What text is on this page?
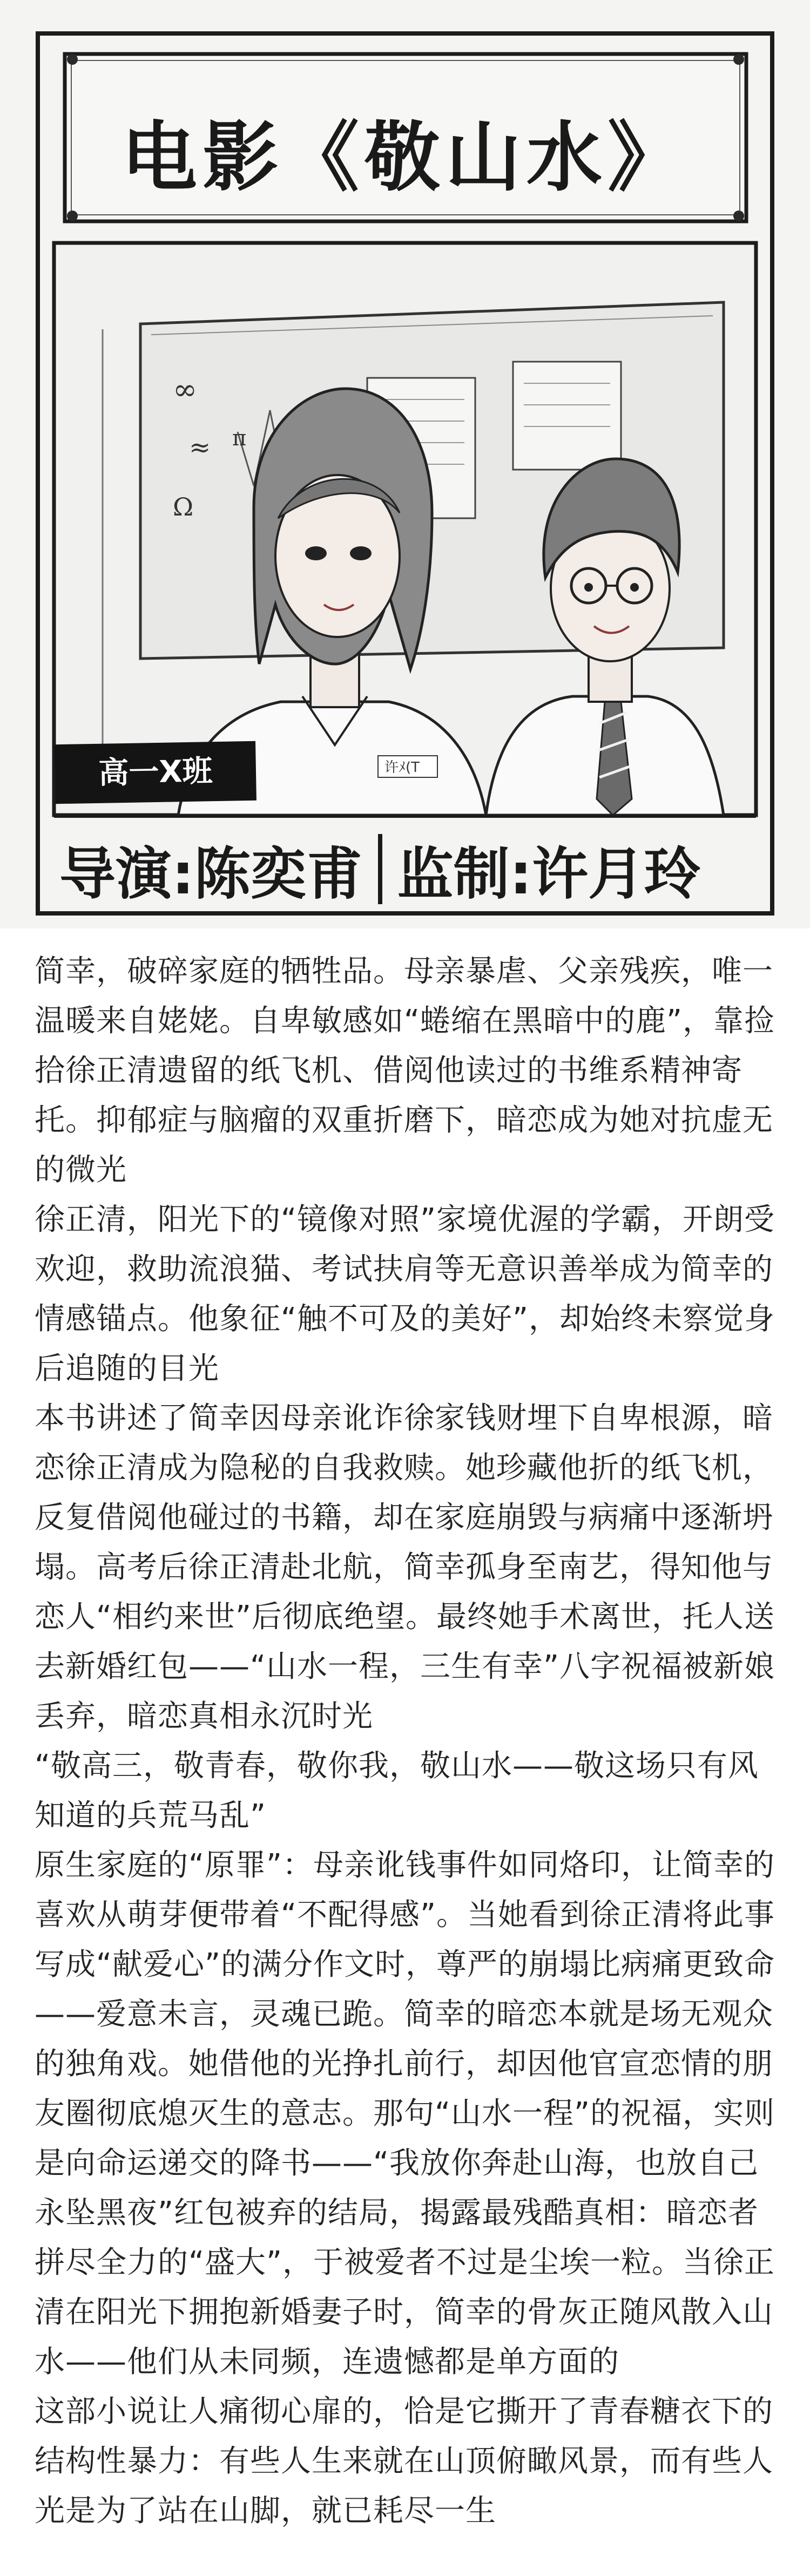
∞
π
≈
Ω
许ﾒ(T
电影《敬山水》
高一X班
导演:陈奕甫 监制:许月玲

简幸，破碎家庭的牺牲品。母亲暴虐、父亲残疾，唯一温暖来自姥姥。自卑敏感如“蜷缩在黑暗中的鹿”，靠捡拾徐正清遗留的纸飞机、借阅他读过的书维系精神寄托。抑郁症与脑瘤的双重折磨下，暗恋成为她对抗虚无的微光

徐正清，阳光下的“镜像对照”家境优渥的学霸，开朗受欢迎，救助流浪猫、考试扶肩等无意识善举成为简幸的情感锚点。他象征“触不可及的美好”，却始终未察觉身后追随的目光

本书讲述了简幸因母亲讹诈徐家钱财埋下自卑根源，暗恋徐正清成为隐秘的自我救赎。她珍藏他折的纸飞机，反复借阅他碰过的书籍，却在家庭崩毁与病痛中逐渐坍塌。高考后徐正清赴北航，简幸孤身至南艺，得知他与恋人“相约来世”后彻底绝望。最终她手术离世，托人送去新婚红包——“山水一程，三生有幸”八字祝福被新娘丢弃，暗恋真相永沉时光

“敬高三，敬青春，敬你我，敬山水——敬这场只有风知道的兵荒马乱”

原生家庭的“原罪”：母亲讹钱事件如同烙印，让简幸的喜欢从萌芽便带着“不配得感”。当她看到徐正清将此事写成“献爱心”的满分作文时，尊严的崩塌比病痛更致命——爱意未言，灵魂已跪。简幸的暗恋本就是场无观众的独角戏。她借他的光挣扎前行，却因他官宣恋情的朋友圈彻底熄灭生的意志。那句“山水一程”的祝福，实则是向命运递交的降书——“我放你奔赴山海，也放自己永坠黑夜”红包被弃的结局，揭露最残酷真相：暗恋者拼尽全力的“盛大”，于被爱者不过是尘埃一粒。当徐正清在阳光下拥抱新婚妻子时，简幸的骨灰正随风散入山水——他们从未同频，连遗憾都是单方面的

这部小说让人痛彻心扉的，恰是它撕开了青春糖衣下的结构性暴力：有些人生来就在山顶俯瞰风景，而有些人光是为了站在山脚，就已耗尽一生
